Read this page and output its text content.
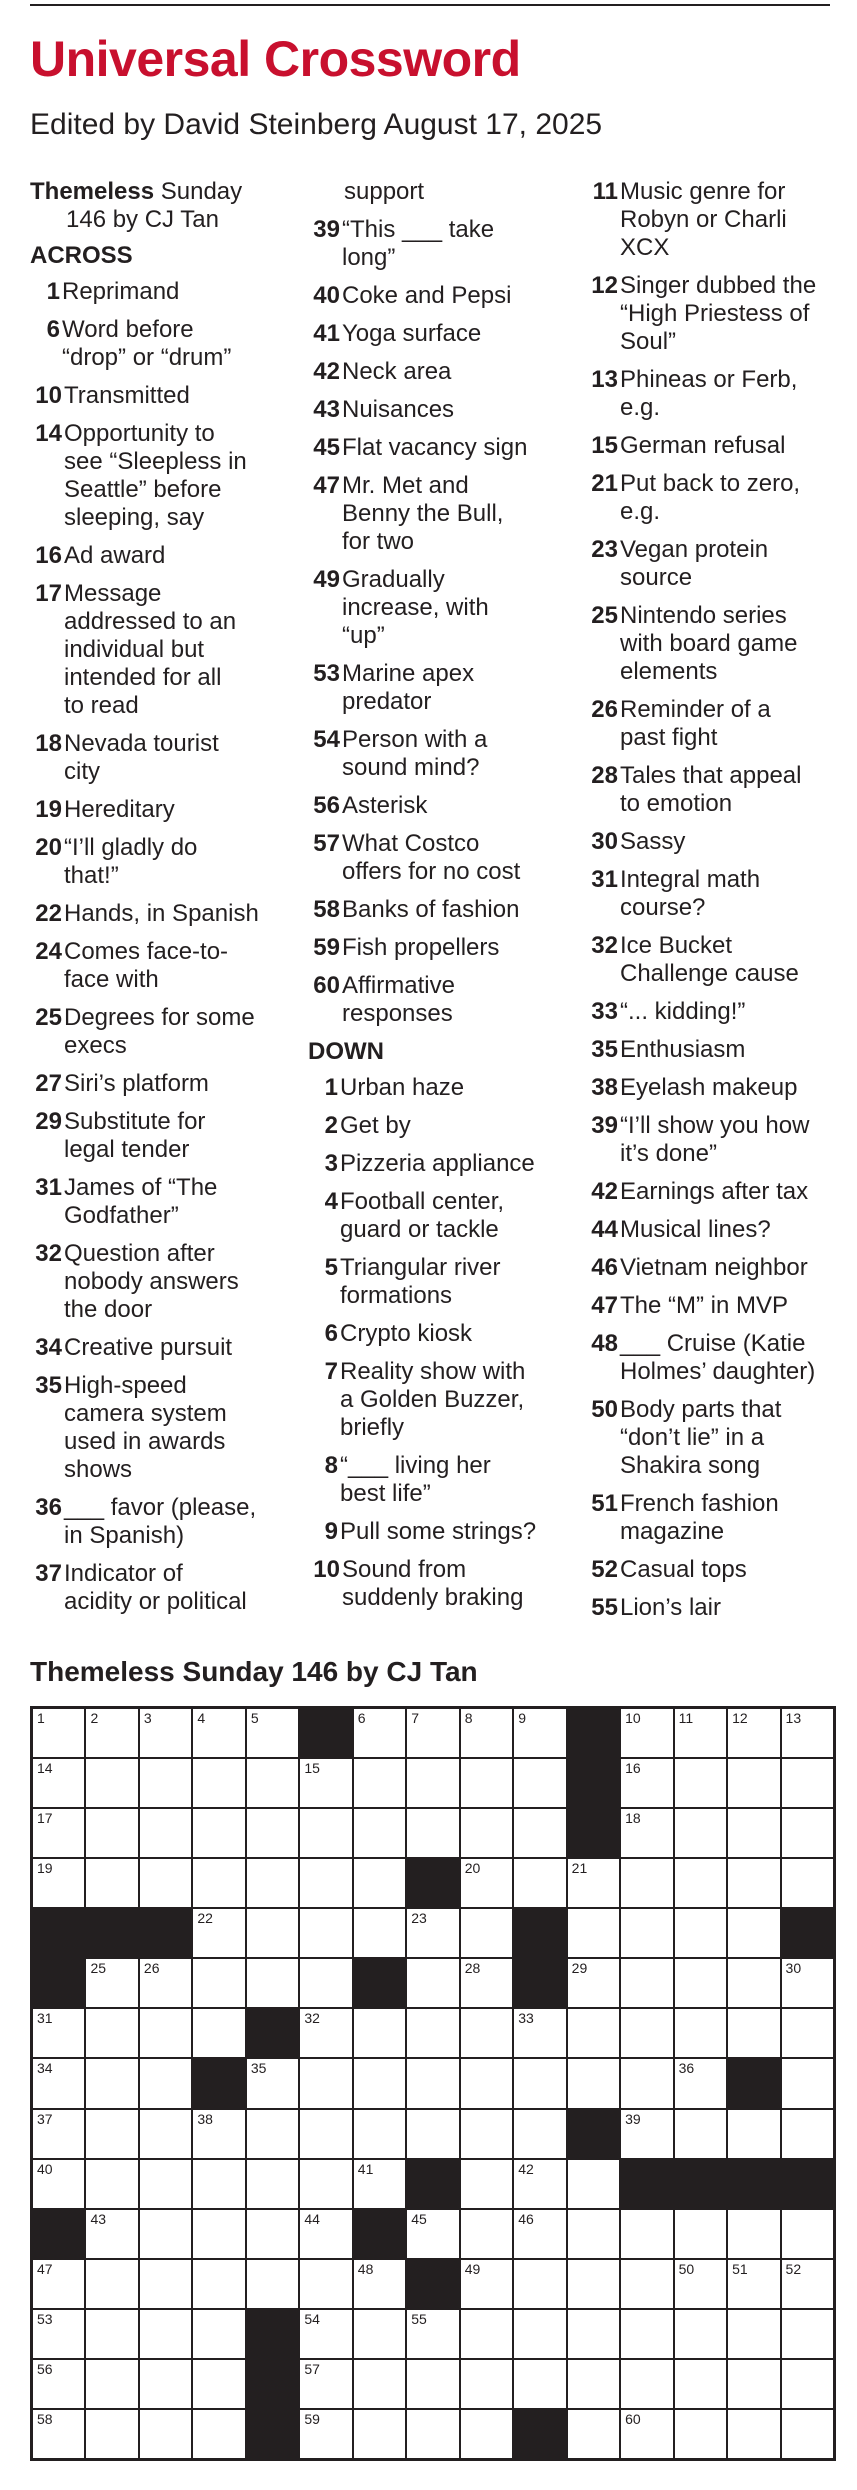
Universal Crossword
Edited by David Steinberg August 17, 2025
Themeless Sunday
146 by CJ Tan
ACROSS
1 Reprimand
6 Word before
“drop” or “drum”
10 Transmitted
14 Opportunity to
see “Sleepless in
Seattle” before
sleeping, say
16 Ad award
17 Message
addressed to an
individual but
intended for all
to read
18 Nevada tourist
city
19 Hereditary
20 “I’ll gladly do
that!”
22 Hands, in Spanish
24 Comes face-to-
face with
25 Degrees for some
execs
27 Siri’s platform
29 Substitute for
legal tender
31 James of “The
Godfather”
32 Question after
nobody answers
the door
34 Creative pursuit
35 High-speed
camera system
used in awards
shows
36 ___ favor (please,
in Spanish)
37 Indicator of
acidity or political
support
39 “This ___ take
long”
40 Coke and Pepsi
41 Yoga surface
42 Neck area
43 Nuisances
45 Flat vacancy sign
47 Mr. Met and
Benny the Bull,
for two
49 Gradually
increase, with
“up”
53 Marine apex
predator
54 Person with a
sound mind?
56 Asterisk
57 What Costco
offers for no cost
58 Banks of fashion
59 Fish propellers
60 Affirmative
responses
DOWN
1 Urban haze
2 Get by
3 Pizzeria appliance
4 Football center,
guard or tackle
5 Triangular river
formations
6 Crypto kiosk
7 Reality show with
a Golden Buzzer,
briefly
8 “___ living her
best life”
9 Pull some strings?
10 Sound from
suddenly braking
11 Music genre for
Robyn or Charli
XCX
12 Singer dubbed the
“High Priestess of
Soul”
13 Phineas or Ferb,
e.g.
15 German refusal
21 Put back to zero,
e.g.
23 Vegan protein
source
25 Nintendo series
with board game
elements
26 Reminder of a
past fight
28 Tales that appeal
to emotion
30 Sassy
31 Integral math
course?
32 Ice Bucket
Challenge cause
33 “... kidding!”
35 Enthusiasm
38 Eyelash makeup
39 “I’ll show you how
it’s done”
42 Earnings after tax
44 Musical lines?
46 Vietnam neighbor
47 The “M” in MVP
48 ___ Cruise (Katie
Holmes’ daughter)
50 Body parts that
“don’t lie” in a
Shakira song
51 French fashion
magazine
52 Casual tops
55 Lion’s lair
Themeless Sunday 146 by CJ Tan
1	2	3	4	5	6	7	8	9	10	11	12	13
14	15	16
17	18
19	20	21
22	23
25	26	28	29	30
31	32	33
34	35	36
37	38	39
40	41	42
43	44	45	46
47	48	49	50	51	52
53	54	55
56	57
58	59	60
